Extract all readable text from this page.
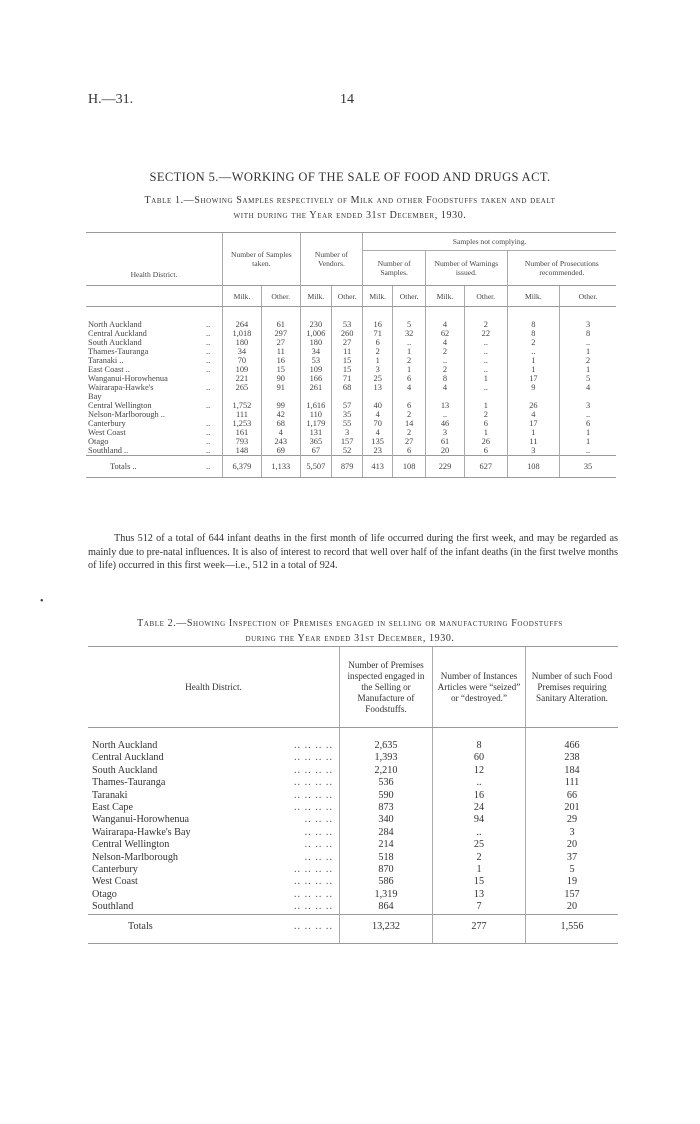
H.—31.	14
SECTION 5.—WORKING OF THE SALE OF FOOD AND DRUGS ACT.
Table 1.—Showing Samples respectively of Milk and other Foodstuffs taken and dealt
with during the Year ended 31st December, 1930.
Health District.		Number of Samples taken.		Number of Vendors.		Samples not complying.					
						Number of Samples.		Number of Warnings issued.		Number of Prosecutions recommended.	
		Milk.	Other.	Milk.	Other.	Milk.	Other.	Milk.	Other.	Milk.	Other.
North Auckland	..	264	61	230	53	16	5	4	2	8	3
Central Auckland	..	1,018	297	1,006	260	71	32	62	22	8	8
South Auckland	..	180	27	180	27	6	..	4	..	2	..
Thames-Tauranga	..	34	11	34	11	2	1	2	..	..	1
Taranaki ..	..	70	16	53	15	1	2	..	..	1	2
East Coast ..	..	109	15	109	15	3	1	2	..	1	1
Wanganui-Horowhenua		221	90	166	71	25	6	8	1	17	5
Wairarapa-Hawke's	..	265	91	261	68	13	4	4	..	9	4
Bay											
Central Wellington	..	1,752	99	1,616	57	40	6	13	1	26	3
Nelson-Marlborough ..		111	42	110	35	4	2	..	2	4	..
Canterbury	..	1,253	68	1,179	55	70	14	46	6	17	6
West Coast	..	161	4	131	3	4	2	3	1	1	1
Otago	..	793	243	365	157	135	27	61	26	11	1
Southland ..	..	148	69	67	52	23	6	20	6	3	..
Totals ..	..	6,379	1,133	5,507	879	413	108	229	627	108	35

Thus 512 of a total of 644 infant deaths in the first month of life occurred during the first week, and may be regarded as mainly due to pre-natal influences. It is also of interest to record that well over half of the infant deaths (in the first twelve months of life) occurred in this first week—i.e., 512 in a total of 924.

•
Table 2.—Showing Inspection of Premises engaged in selling or manufacturing Foodstuffs
during the Year ended 31st December, 1930.
Health District.		Number of Premises inspected engaged in the Selling or Manufacture of Foodstuffs.	Number of Instances Articles were “seized” or “destroyed.”	Number of such Food Premises requiring Sanitary Alteration.
North Auckland	.. .. .. ..	2,635	8	466
Central Auckland	.. .. .. ..	1,393	60	238
South Auckland	.. .. .. ..	2,210	12	184
Thames-Tauranga	.. .. .. ..	536	..	111
Taranaki	.. .. .. ..	590	16	66
East Cape	.. .. .. ..	873	24	201
Wanganui-Horowhenua	.. .. ..	340	94	29
Wairarapa-Hawke's Bay	.. .. ..	284	..	3
Central Wellington	.. .. ..	214	25	20
Nelson-Marlborough	.. .. ..	518	2	37
Canterbury	.. .. .. ..	870	1	5
West Coast	.. .. .. ..	586	15	19
Otago	.. .. .. ..	1,319	13	157
Southland	.. .. .. ..	864	7	20
Totals	.. .. .. ..	13,232	277	1,556
